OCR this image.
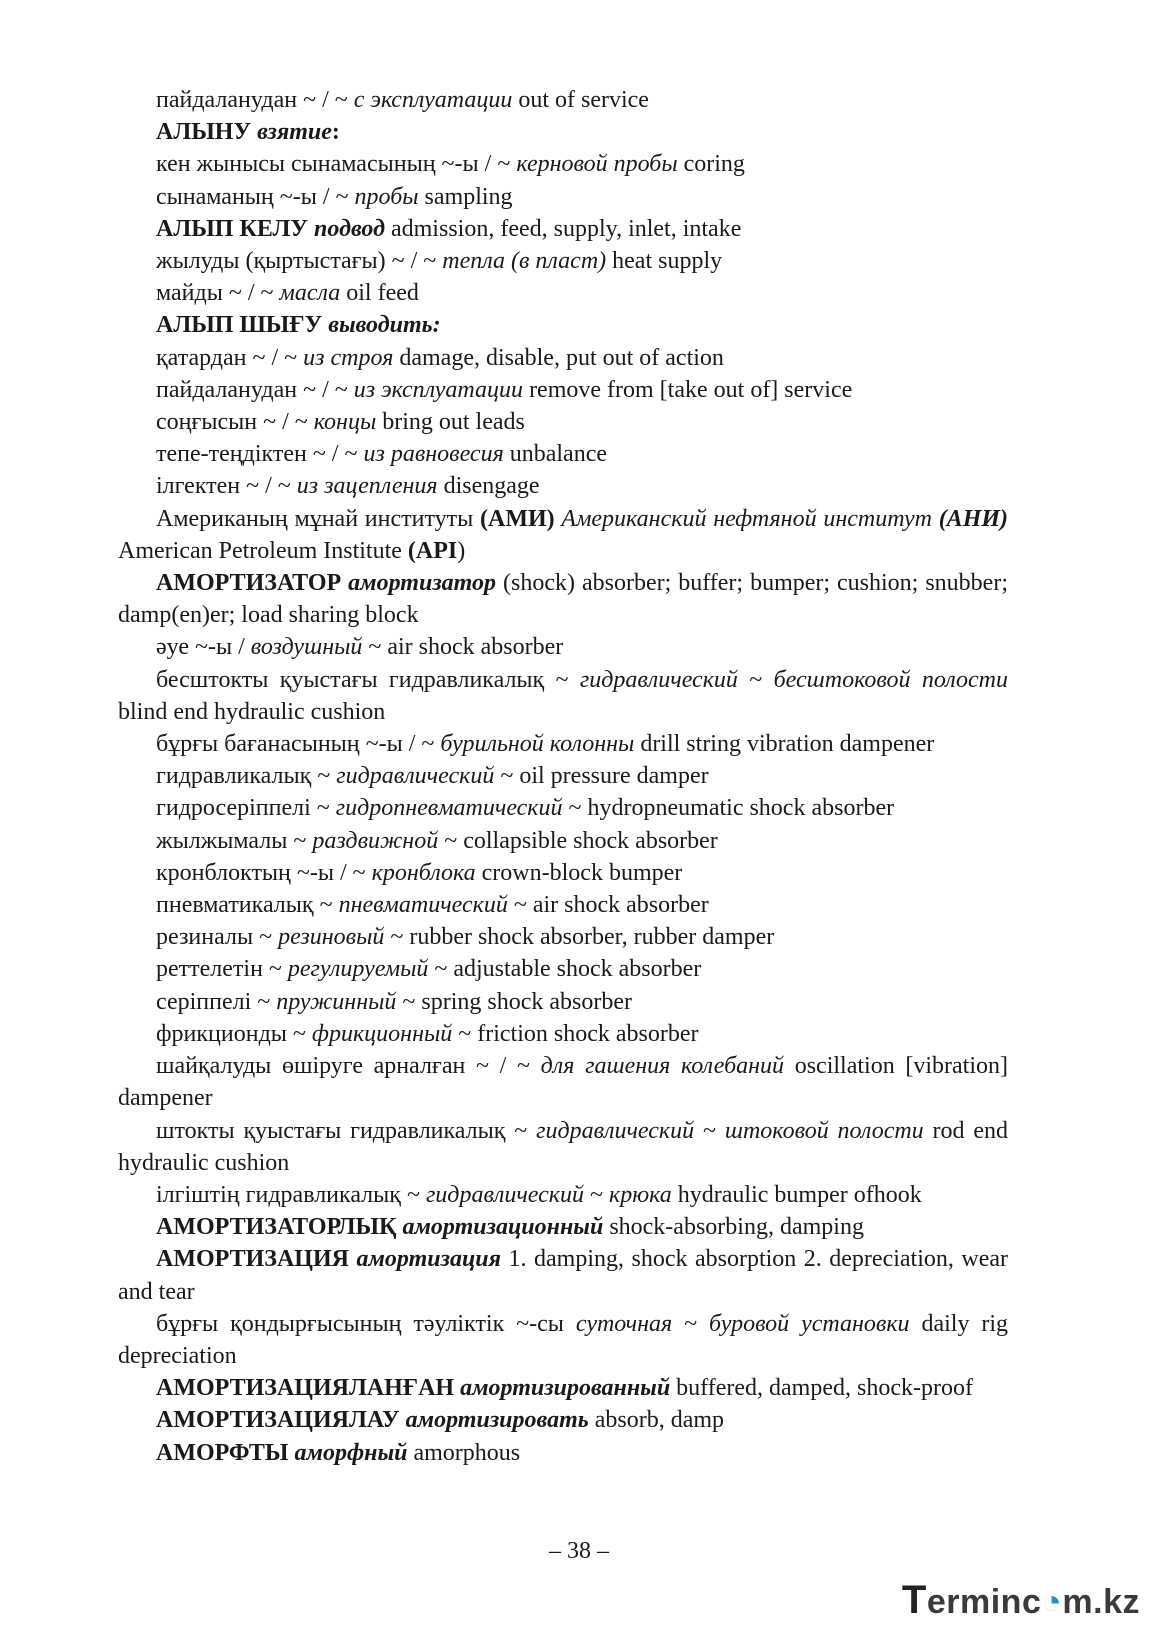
пайдаланудан ~ / ~ с эксплуатации out of service

АЛЫНУ взятие:

кен жынысы сынамасының ~-ы / ~ керновой пробы coring

сынаманың ~-ы / ~ пробы sampling

АЛЫП КЕЛУ подвод admission, feed, supply, inlet, intake

жылуды (қыртыстағы) ~ / ~ тепла (в пласт) heat supply

майды ~ / ~ масла oil feed

АЛЫП ШЫҒУ выводить:

қатардан ~ / ~ из строя damage, disable, put out of action

пайдаланудан ~ / ~ из эксплуатации remove from [take out of] service

соңғысын ~ / ~ концы bring out leads

тепе-теңдіктен ~ / ~ из равновесия unbalance

ілгектен ~ / ~ из зацепления disengage

Американың мұнай институты (АМИ) Американский нефтяной институт (АНИ) American Petroleum Institute (API)

АМОРТИЗАТОР амортизатор (shock) absorber; buffer; bumper; cushion; snubber; damp(en)er; load sharing block

әуе ~-ы / воздушный ~ air shock absorber

бесштокты қуыстағы гидравликалық ~ гидравлический ~ бесштоковой полости blind end hydraulic cushion

бұрғы бағанасының ~-ы / ~ бурильной колонны drill string vibration dampener

гидравликалық ~ гидравлический ~ oil pressure damper

гидросеріппелі ~ гидропневматический ~ hydropneumatic shock absorber

жылжымалы ~ раздвижной ~ collapsible shock absorber

кронблоктың ~-ы / ~ кронблока crown-block bumper

пневматикалық ~ пневматический ~ air shock absorber

резиналы ~ резиновый ~ rubber shock absorber, rubber damper

реттелетін ~ регулируемый ~ adjustable shock absorber

серіппелі ~ пружинный ~ spring shock absorber

фрикционды ~ фрикционный ~ friction shock absorber

шайқалуды өшіруге арналған ~ / ~ для гашения колебаний oscillation [vibration] dampener

штокты қуыстағы гидравликалық ~ гидравлический ~ штоковой полости rod end hydraulic cushion

ілгіштің гидравликалық ~ гидравлический ~ крюка hydraulic bumper ofhook

АМОРТИЗАТОРЛЫҚ амортизационный shock-absorbing, damping

АМОРТИЗАЦИЯ амортизация 1. damping, shock absorption 2. depreciation, wear and tear

бұрғы қондырғысының тәуліктік ~-сы суточная ~ буровой установки daily rig depreciation

АМОРТИЗАЦИЯЛАНҒАН амортизированный buffered, damped, shock-proof

АМОРТИЗАЦИЯЛАУ амортизировать absorb, damp

АМОРФТЫ аморфный amorphous

– 38 –
Terminc◔m.kz
